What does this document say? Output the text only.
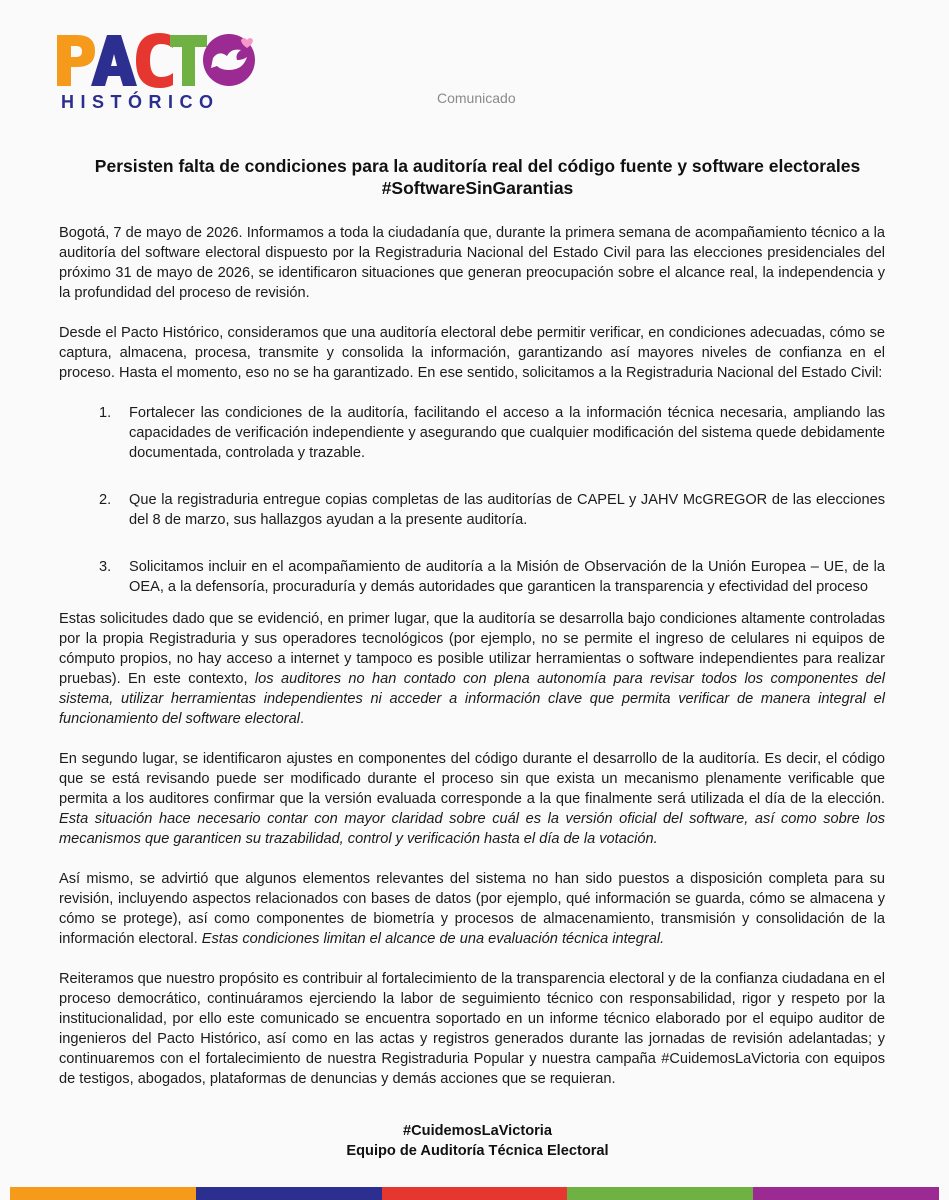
HISTÓRICO	Comunicado
Persisten falta de condiciones para la auditoría real del código fuente y software electorales
#SoftwareSinGarantias

Bogotá, 7 de mayo de 2026. Informamos a toda la ciudadanía que, durante la primera semana de acompañamiento técnico a la auditoría del software electoral dispuesto por la Registraduria Nacional del Estado Civil para las elecciones presidenciales del próximo 31 de mayo de 2026, se identificaron situaciones que generan preocupación sobre el alcance real, la independencia y la profundidad del proceso de revisión.

Desde el Pacto Histórico, consideramos que una auditoría electoral debe permitir verificar, en condiciones adecuadas, cómo se captura, almacena, procesa, transmite y consolida la información, garantizando así mayores niveles de confianza en el proceso. Hasta el momento, eso no se ha garantizado. En ese sentido, solicitamos a la Registraduria Nacional del Estado Civil:

1. Fortalecer las condiciones de la auditoría, facilitando el acceso a la información técnica necesaria, ampliando las capacidades de verificación independiente y asegurando que cualquier modificación del sistema quede debidamente documentada, controlada y trazable.
2. Que la registraduria entregue copias completas de las auditorías de CAPEL y JAHV McGREGOR de las elecciones del 8 de marzo, sus hallazgos ayudan a la presente auditoría.
3. Solicitamos incluir en el acompañamiento de auditoría a la Misión de Observación de la Unión Europea – UE, de la OEA, a la defensoría, procuraduría y demás autoridades que garanticen la transparencia y efectividad del proceso

Estas solicitudes dado que se evidenció, en primer lugar, que la auditoría se desarrolla bajo condiciones altamente controladas por la propia Registraduria y sus operadores tecnológicos (por ejemplo, no se permite el ingreso de celulares ni equipos de cómputo propios, no hay acceso a internet y tampoco es posible utilizar herramientas o software independientes para realizar pruebas). En este contexto, los auditores no han contado con plena autonomía para revisar todos los componentes del sistema, utilizar herramientas independientes ni acceder a información clave que permita verificar de manera integral el funcionamiento del software electoral.

En segundo lugar, se identificaron ajustes en componentes del código durante el desarrollo de la auditoría. Es decir, el código que se está revisando puede ser modificado durante el proceso sin que exista un mecanismo plenamente verificable que permita a los auditores confirmar que la versión evaluada corresponde a la que finalmente será utilizada el día de la elección. Esta situación hace necesario contar con mayor claridad sobre cuál es la versión oficial del software, así como sobre los mecanismos que garanticen su trazabilidad, control y verificación hasta el día de la votación.

Así mismo, se advirtió que algunos elementos relevantes del sistema no han sido puestos a disposición completa para su revisión, incluyendo aspectos relacionados con bases de datos (por ejemplo, qué información se guarda, cómo se almacena y cómo se protege), así como componentes de biometría y procesos de almacenamiento, transmisión y consolidación de la información electoral. Estas condiciones limitan el alcance de una evaluación técnica integral.

Reiteramos que nuestro propósito es contribuir al fortalecimiento de la transparencia electoral y de la confianza ciudadana en el proceso democrático, continuáramos ejerciendo la labor de seguimiento técnico con responsabilidad, rigor y respeto por la institucionalidad, por ello este comunicado se encuentra soportado en un informe técnico elaborado por el equipo auditor de ingenieros del Pacto Histórico, así como en las actas y registros generados durante las jornadas de revisión adelantadas; y continuaremos con el fortalecimiento de nuestra Registraduria Popular y nuestra campaña #CuidemosLaVictoria con equipos de testigos, abogados, plataformas de denuncias y demás acciones que se requieran.

#CuidemosLaVictoria
Equipo de Auditoría Técnica Electoral
